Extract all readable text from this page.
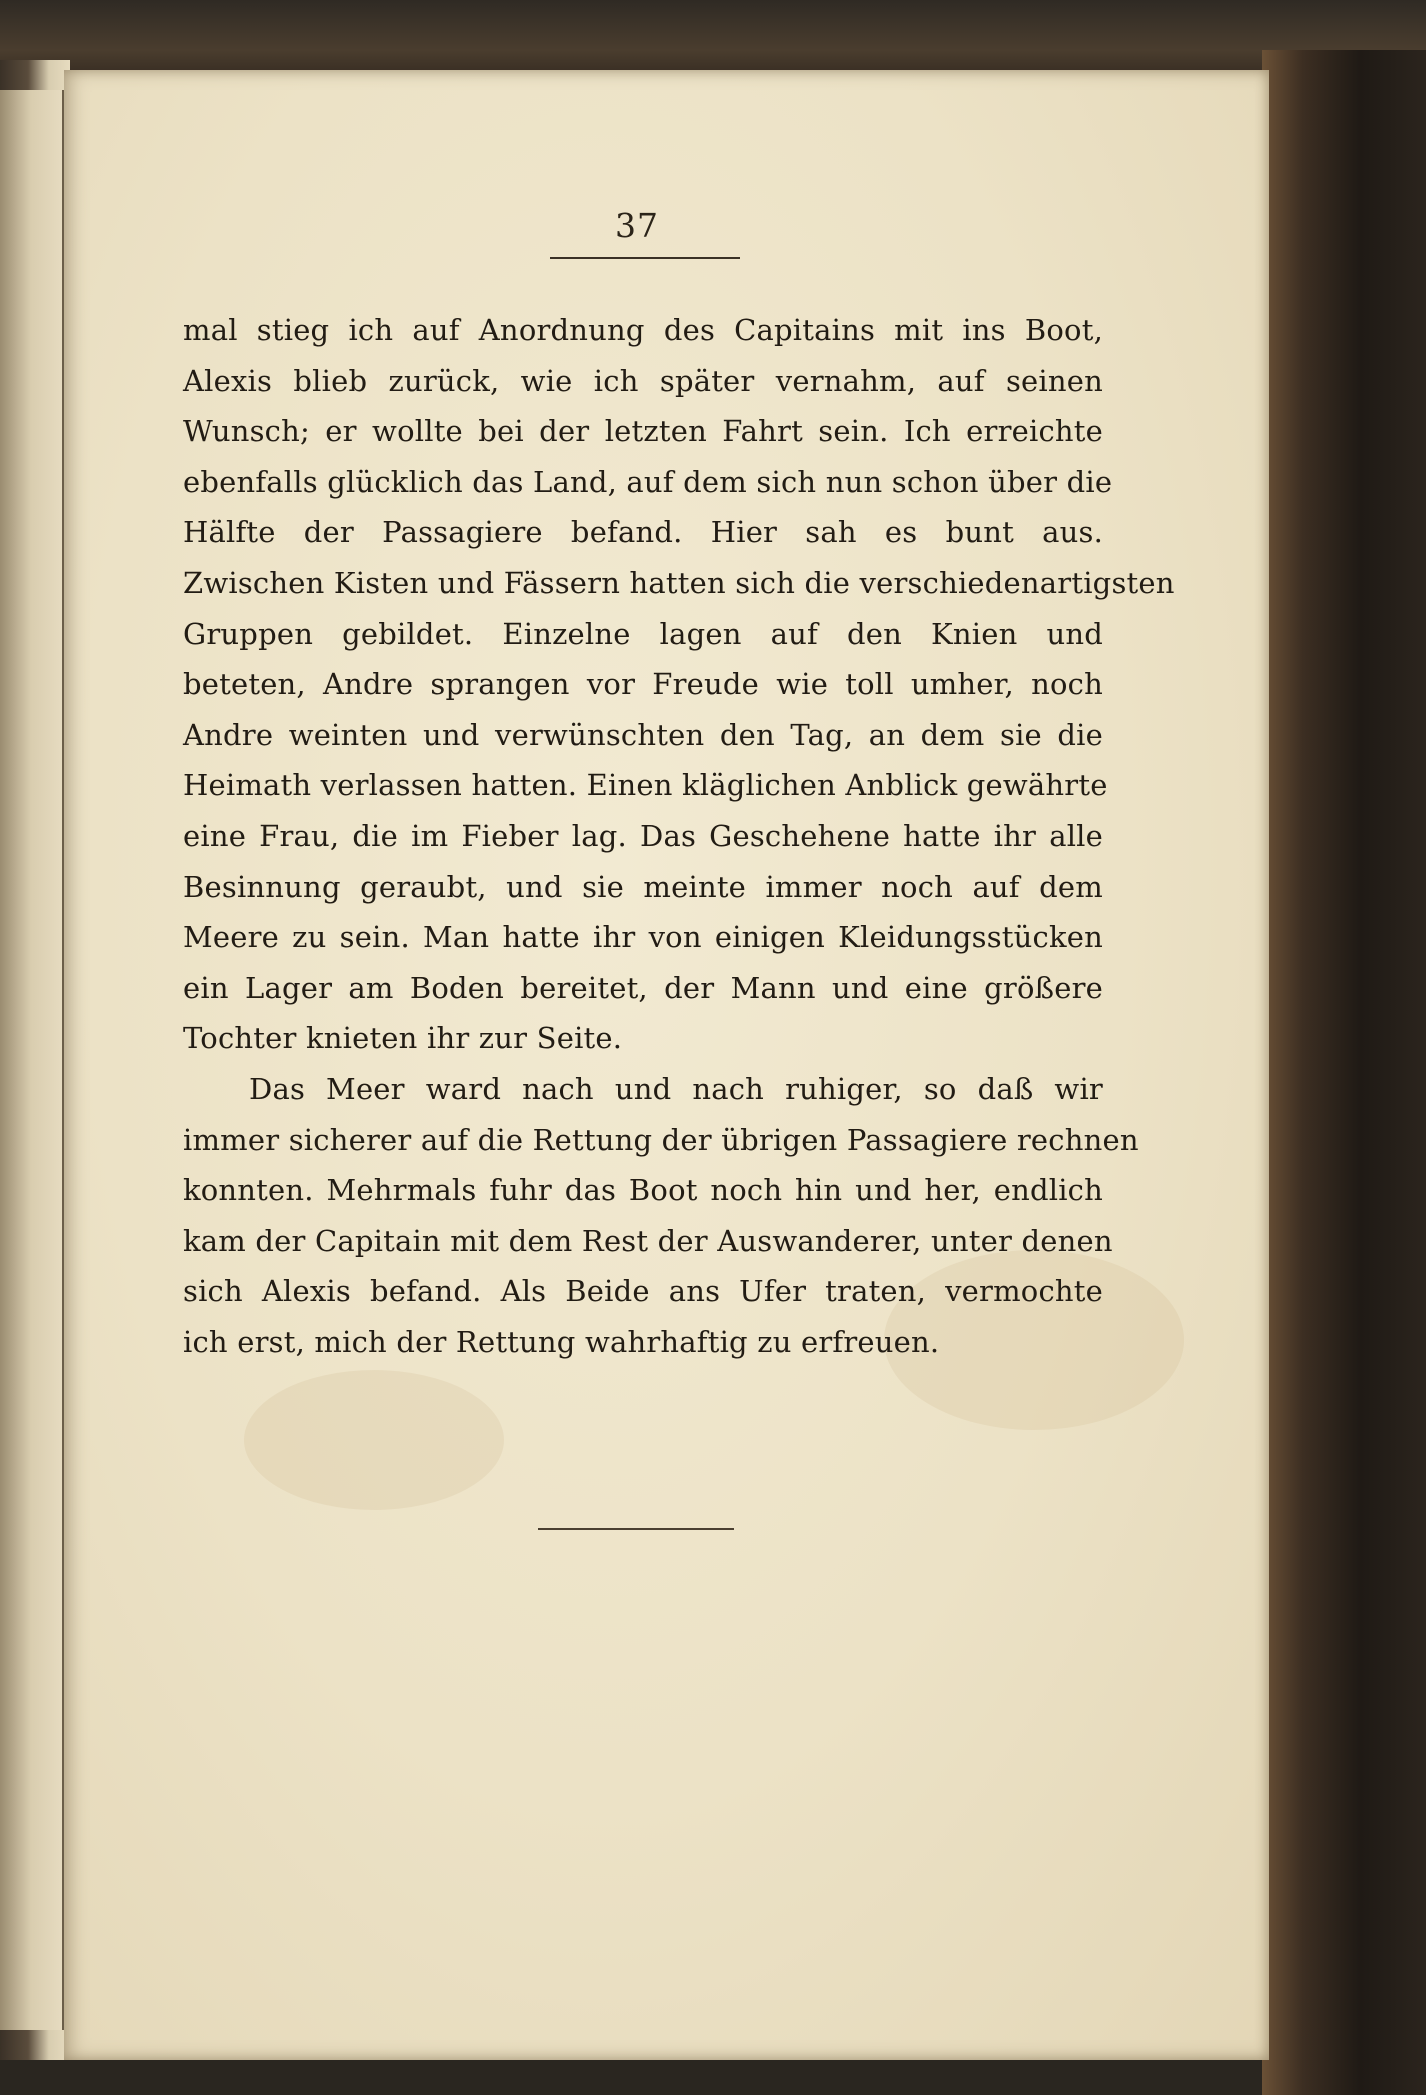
37
mal stieg ich auf Anordnung des Capitains mit ins Boot,
Alexis blieb zurück, wie ich später vernahm, auf seinen
Wunsch; er wollte bei der letzten Fahrt sein. Ich erreichte
ebenfalls glücklich das Land, auf dem sich nun schon über die
Hälfte der Passagiere befand. Hier sah es bunt aus.
Zwischen Kisten und Fässern hatten sich die verschiedenartigsten
Gruppen gebildet. Einzelne lagen auf den Knien und
beteten, Andre sprangen vor Freude wie toll umher, noch
Andre weinten und verwünschten den Tag, an dem sie die
Heimath verlassen hatten. Einen kläglichen Anblick gewährte
eine Frau, die im Fieber lag. Das Geschehene hatte ihr alle
Besinnung geraubt, und sie meinte immer noch auf dem
Meere zu sein. Man hatte ihr von einigen Kleidungsstücken
ein Lager am Boden bereitet, der Mann und eine größere
Tochter knieten ihr zur Seite.
Das Meer ward nach und nach ruhiger, so daß wir
immer sicherer auf die Rettung der übrigen Passagiere rechnen
konnten. Mehrmals fuhr das Boot noch hin und her, endlich
kam der Capitain mit dem Rest der Auswanderer, unter denen
sich Alexis befand. Als Beide ans Ufer traten, vermochte
ich erst, mich der Rettung wahrhaftig zu erfreuen.
